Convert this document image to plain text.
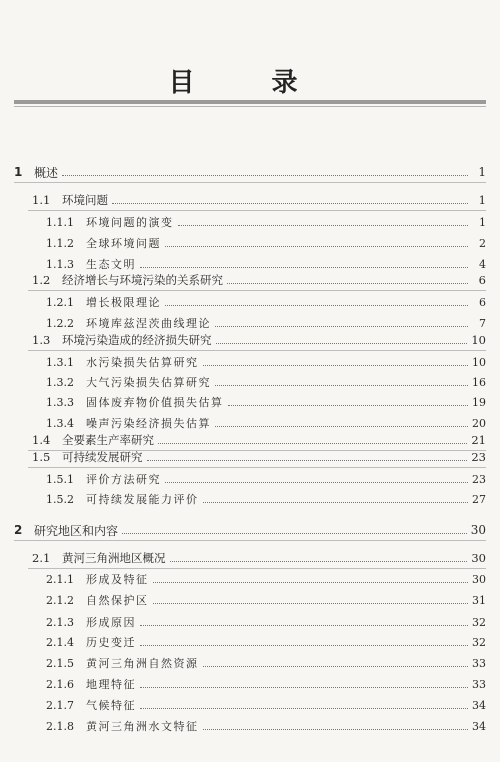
目 录
1 概述	1
1.1	环境问题	1
1.1.1	环境问题的演变	1
1.1.2	全球环境问题	2
1.1.3	生态文明	4
1.2	经济增长与环境污染的关系研究	6
1.2.1	增长极限理论	6
1.2.2	环境库兹涅茨曲线理论	7
1.3	环境污染造成的经济损失研究	10
1.3.1	水污染损失估算研究	10
1.3.2	大气污染损失估算研究	16
1.3.3	固体废弃物价值损失估算	19
1.3.4	噪声污染经济损失估算	20
1.4	全要素生产率研究	21
1.5	可持续发展研究	23
1.5.1	评价方法研究	23
1.5.2	可持续发展能力评价	27
2 研究地区和内容	30
2.1	黄河三角洲地区概况	30
2.1.1	形成及特征	30
2.1.2	自然保护区	31
2.1.3	形成原因	32
2.1.4	历史变迁	32
2.1.5	黄河三角洲自然资源	33
2.1.6	地理特征	33
2.1.7	气候特征	34
2.1.8	黄河三角洲水文特征	34
